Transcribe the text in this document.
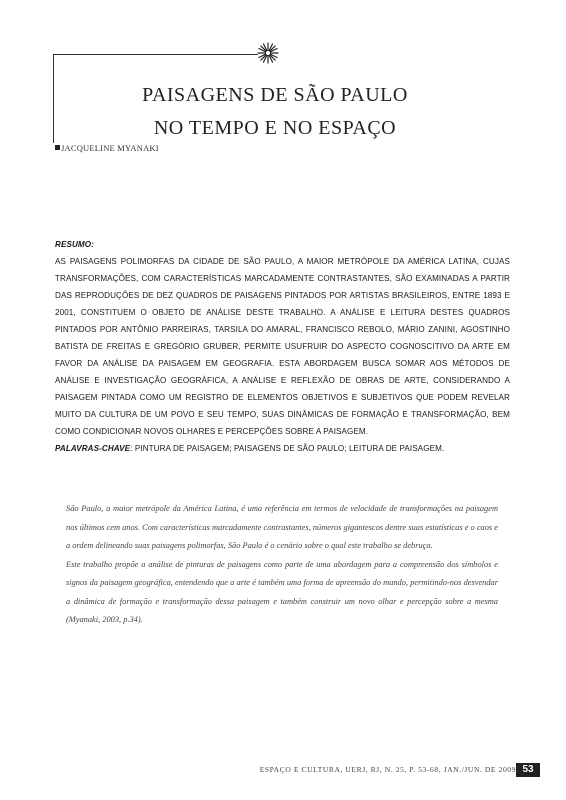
PAISAGENS DE SÃO PAULO
NO TEMPO E NO ESPAÇO
JACQUELINE MYANAKI
RESUMO:
AS PAISAGENS POLIMORFAS DA CIDADE DE SÃO PAULO, A MAIOR METRÓPOLE DA AMÉRICA LATINA, CUJAS TRANSFORMAÇÕES, COM CARACTERÍSTICAS MARCADAMENTE CONTRASTANTES, SÃO EXAMINADAS A PARTIR DAS REPRODUÇÕES DE DEZ QUADROS DE PAISAGENS PINTADOS POR ARTISTAS BRASILEIROS, ENTRE 1893 E 2001, CONSTITUEM O OBJETO DE ANÁLISE DESTE TRABALHO. A ANÁLISE E LEITURA DESTES QUADROS PINTADOS POR ANTÔNIO PARREIRAS, TARSILA DO AMARAL, FRANCISCO REBOLO, MÁRIO ZANINI, AGOSTINHO BATISTA DE FREITAS E GREGÓRIO GRUBER, PERMITE USUFRUIR DO ASPECTO COGNOSCITIVO DA ARTE EM FAVOR DA ANÁLISE DA PAISAGEM EM GEOGRAFIA. ESTA ABORDAGEM BUSCA SOMAR AOS MÉTODOS DE ANÁLISE E INVESTIGAÇÃO GEOGRÁFICA, A ANÁLISE E REFLEXÃO DE OBRAS DE ARTE, CONSIDERANDO A PAISAGEM PINTADA COMO UM REGISTRO DE ELEMENTOS OBJETIVOS E SUBJETIVOS QUE PODEM REVELAR MUITO DA CULTURA DE UM POVO E SEU TEMPO, SUAS DINÂMICAS DE FORMAÇÃO E TRANSFORMAÇÃO, BEM COMO CONDICIONAR NOVOS OLHARES E PERCEPÇÕES SOBRE A PAISAGEM.
PALAVRAS-CHAVE: PINTURA DE PAISAGEM; PAISAGENS DE SÃO PAULO; LEITURA DE PAISAGEM.

São Paulo, a maior metrópole da América Latina, é uma referência em termos de velocidade de transformações na paisagem nos últimos cem anos. Com características marcadamente contrastantes, números gigantescos dentre suas estatísticas e o caos e a ordem delineando suas paisagens polimorfas, São Paulo é o cenário sobre o qual este trabalho se debruça.

Este trabalho propõe a análise de pinturas de paisagens como parte de uma abordagem para a compreensão dos símbolos e signos da paisagem geográfica, entendendo que a arte é também uma forma de apreensão do mundo, permitindo-nos desvendar a dinâmica de formação e transformação dessa paisagem e também construir um novo olhar e percepção sobre a mesma (Myanaki, 2003, p.34).

ESPAÇO E CULTURA, UERJ, RJ, N. 25, P. 53-68, JAN./JUN. DE 2009 53
